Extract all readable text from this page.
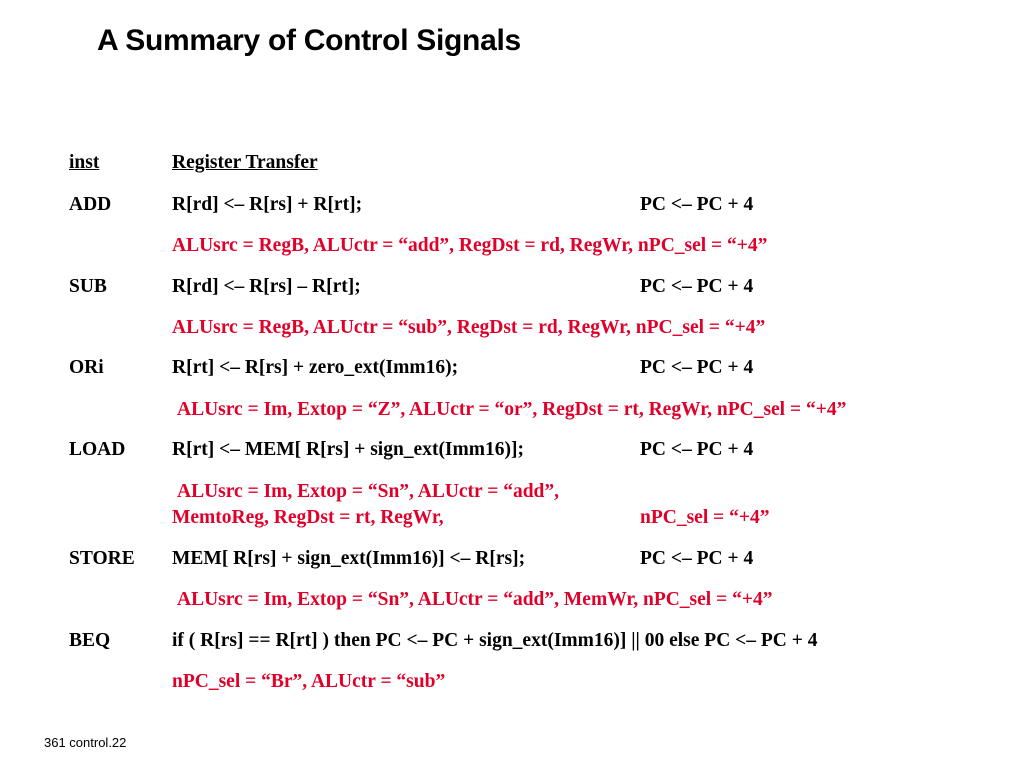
A Summary of Control Signals
inst	Register Transfer
ADD	R[rd] <– R[rs] + R[rt];	PC <– PC + 4
ALUsrc = RegB, ALUctr = “add”, RegDst = rd, RegWr, nPC_sel = “+4”
SUB	R[rd] <– R[rs] – R[rt];	PC <– PC + 4
ALUsrc = RegB, ALUctr = “sub”, RegDst = rd, RegWr, nPC_sel = “+4”
ORi	R[rt] <– R[rs] + zero_ext(Imm16);	PC <– PC + 4
ALUsrc = Im, Extop = “Z”, ALUctr = “or”, RegDst = rt, RegWr, nPC_sel = “+4”
LOAD R[rt] <– MEM[ R[rs] + sign_ext(Imm16)];	PC <– PC + 4
ALUsrc = Im, Extop = “Sn”, ALUctr = “add”,
MemtoReg, RegDst = rt, RegWr,	nPC_sel = “+4”
STORE MEM[ R[rs] + sign_ext(Imm16)] <– R[rs];	PC <– PC + 4
ALUsrc = Im, Extop = “Sn”, ALUctr = “add”, MemWr, nPC_sel = “+4”
BEQ	if ( R[rs] == R[rt] ) then PC <– PC + sign_ext(Imm16)] || 00 else PC <– PC + 4
nPC_sel = “Br”, ALUctr = “sub”
361 control.22
